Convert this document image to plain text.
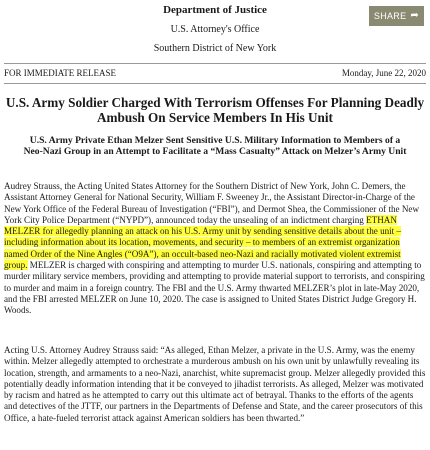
Department of Justice
U.S. Attorney's Office
Southern District of New York
SHARE ➦
FOR IMMEDIATE RELEASE	Monday, June 22, 2020
U.S. Army Soldier Charged With Terrorism Offenses For Planning Deadly Ambush On Service Members In His Unit
U.S. Army Private Ethan Melzer Sent Sensitive U.S. Military Information to Members of a Neo-Nazi Group in an Attempt to Facilitate a “Mass Casualty” Attack on Melzer’s Army Unit

Audrey Strauss, the Acting United States Attorney for the Southern District of New York, John C. Demers, the Assistant Attorney General for National Security, William F. Sweeney Jr., the Assistant Director-in-Charge of the New York Office of the Federal Bureau of Investigation (“FBI”), and Dermot Shea, the Commissioner of the New York City Police Department (“NYPD”), announced today the unsealing of an indictment charging ETHAN MELZER for allegedly planning an attack on his U.S. Army unit by sending sensitive details about the unit – including information about its location, movements, and security – to members of an extremist organization named Order of the Nine Angles (“O9A”), an occult-based neo-Nazi and racially motivated violent extremist group. MELZER is charged with conspiring and attempting to murder U.S. nationals, conspiring and attempting to murder military service members, providing and attempting to provide material support to terrorists, and conspiring to murder and maim in a foreign country. The FBI and the U.S. Army thwarted MELZER’s plot in late-May 2020, and the FBI arrested MELZER on June 10, 2020. The case is assigned to United States District Judge Gregory H. Woods.

Acting U.S. Attorney Audrey Strauss said: “As alleged, Ethan Melzer, a private in the U.S. Army, was the enemy within. Melzer allegedly attempted to orchestrate a murderous ambush on his own unit by unlawfully revealing its location, strength, and armaments to a neo-Nazi, anarchist, white supremacist group. Melzer allegedly provided this potentially deadly information intending that it be conveyed to jihadist terrorists. As alleged, Melzer was motivated by racism and hatred as he attempted to carry out this ultimate act of betrayal. Thanks to the efforts of the agents and detectives of the JTTF, our partners in the Departments of Defense and State, and the career prosecutors of this Office, a hate-fueled terrorist attack against American soldiers has been thwarted.”
